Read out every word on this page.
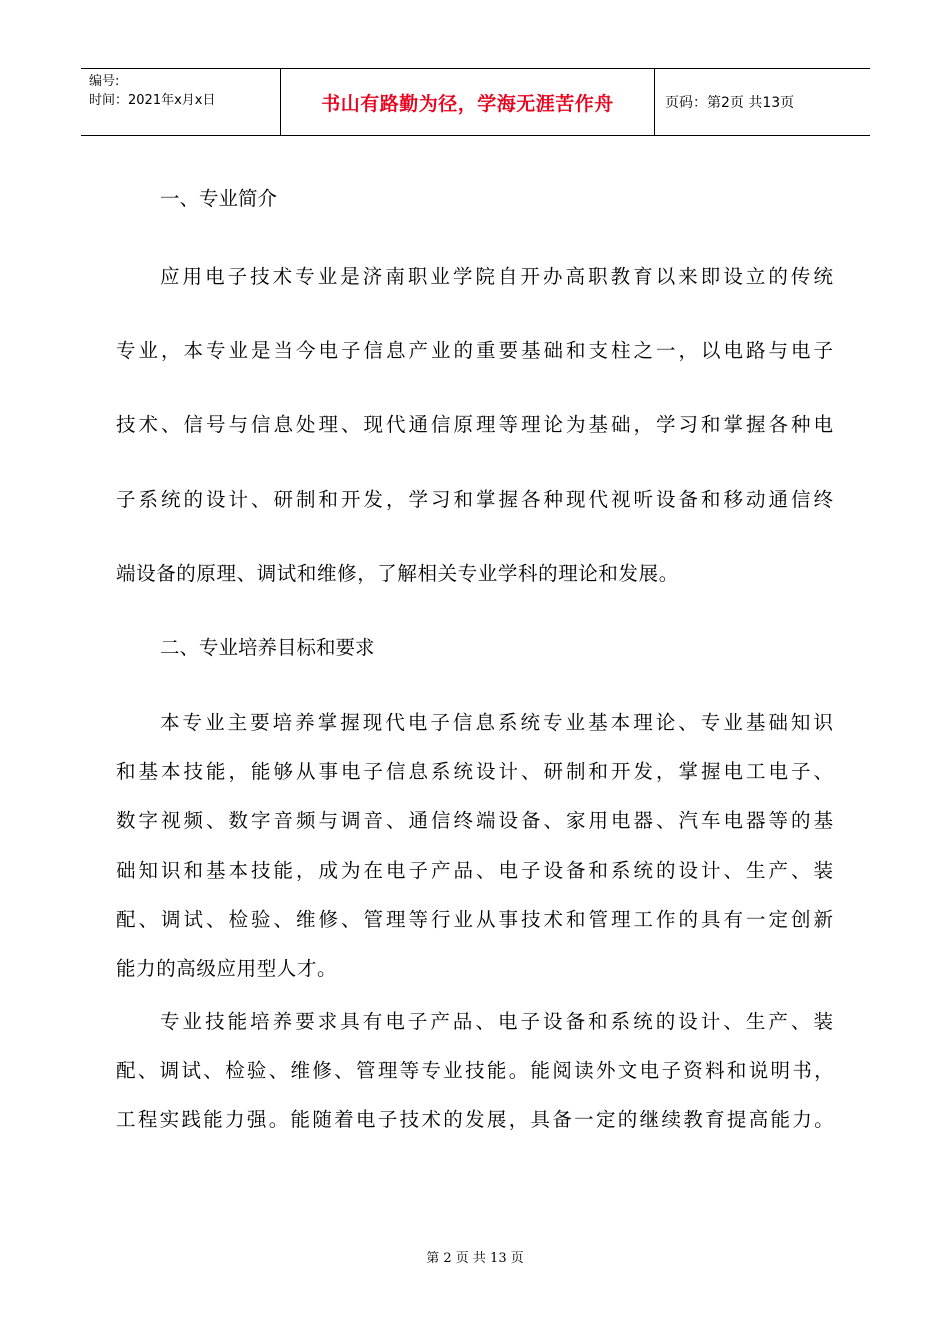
编号:
时间：2021年x月x日	书山有路勤为径，学海无涯苦作舟	页码：第2页 共13页
一、专业简介
应用电子技术专业是济南职业学院自开办高职教育以来即设立的传统
专业，本专业是当今电子信息产业的重要基础和支柱之一，以电路与电子
技术、信号与信息处理、现代通信原理等理论为基础，学习和掌握各种电
子系统的设计、研制和开发，学习和掌握各种现代视听设备和移动通信终
端设备的原理、调试和维修，了解相关专业学科的理论和发展。
二、专业培养目标和要求
本专业主要培养掌握现代电子信息系统专业基本理论、专业基础知识
和基本技能，能够从事电子信息系统设计、研制和开发，掌握电工电子、
数字视频、数字音频与调音、通信终端设备、家用电器、汽车电器等的基
础知识和基本技能，成为在电子产品、电子设备和系统的设计、生产、装
配、调试、检验、维修、管理等行业从事技术和管理工作的具有一定创新
能力的高级应用型人才。
专业技能培养要求具有电子产品、电子设备和系统的设计、生产、装
配、调试、检验、维修、管理等专业技能。能阅读外文电子资料和说明书，
工程实践能力强。能随着电子技术的发展，具备一定的继续教育提高能力。
第 2 页 共 13 页
